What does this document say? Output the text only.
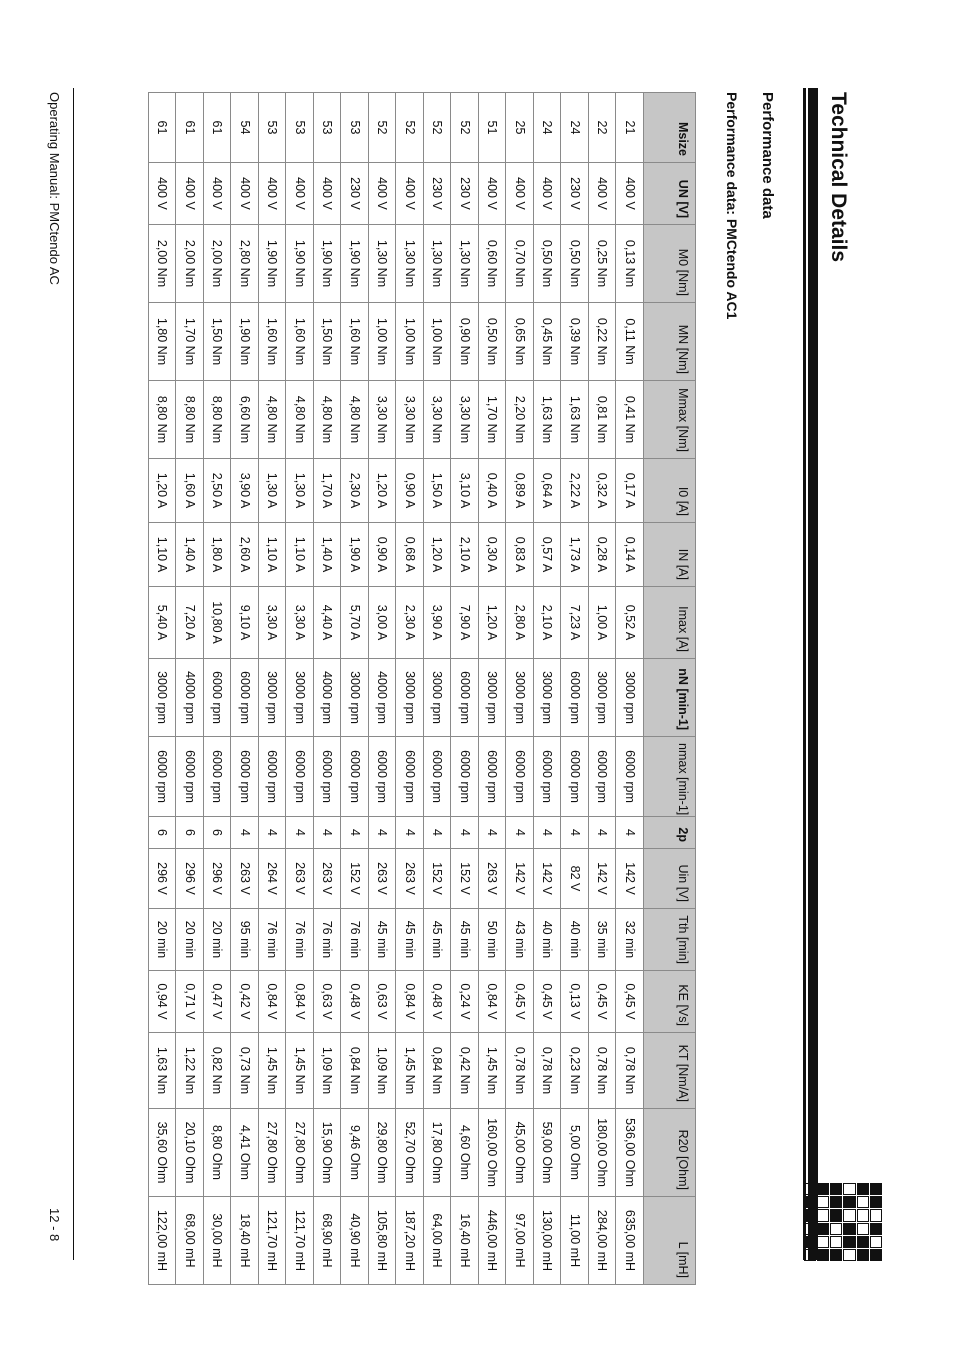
Technical Details
Performance data
Performance data: PMCtendo AC1
Msize	UN [V]	M0 [Nm]	MN [Nm]	Mmax [Nm]	I0 [A]	IN [A]	Imax [A]	nN [min-1]	nmax [min-1]	2p	Uin [V]	Tth [min]	KE [Vs]	KT [Nm/A]	R20 [Ohm]	L [mH]
21	400 V	0,13 Nm	0,11 Nm	0,41 Nm	0,17 A	0,14 A	0,52 A	3000 rpm	6000 rpm	4	142 V	32 min	0,45 V	0,78 Nm	536,00 Ohm	635,00 mH
22	400 V	0,25 Nm	0,22 Nm	0,81 Nm	0,32 A	0,28 A	1,00 A	3000 rpm	6000 rpm	4	142 V	35 min	0,45 V	0,78 Nm	180,00 Ohm	284,00 mH
24	230 V	0,50 Nm	0,39 Nm	1,63 Nm	2,22 A	1,73 A	7,23 A	6000 rpm	6000 rpm	4	82 V	40 min	0,13 V	0,23 Nm	5,00 Ohm	11,00 mH
24	400 V	0,50 Nm	0,45 Nm	1,63 Nm	0,64 A	0,57 A	2,10 A	3000 rpm	6000 rpm	4	142 V	40 min	0,45 V	0,78 Nm	59,00 Ohm	130,00 mH
25	400 V	0,70 Nm	0,65 Nm	2,20 Nm	0,89 A	0,83 A	2,80 A	3000 rpm	6000 rpm	4	142 V	43 min	0,45 V	0,78 Nm	45,00 Ohm	97,00 mH
51	400 V	0,60 Nm	0,50 Nm	1,70 Nm	0,40 A	0,30 A	1,20 A	3000 rpm	6000 rpm	4	263 V	50 min	0,84 V	1,45 Nm	160,00 Ohm	446,00 mH
52	230 V	1,30 Nm	0,90 Nm	3,30 Nm	3,10 A	2,10 A	7,90 A	6000 rpm	6000 rpm	4	152 V	45 min	0,24 V	0,42 Nm	4,60 Ohm	16,40 mH
52	230 V	1,30 Nm	1,00 Nm	3,30 Nm	1,50 A	1,20 A	3,90 A	3000 rpm	6000 rpm	4	152 V	45 min	0,48 V	0,84 Nm	17,80 Ohm	64,00 mH
52	400 V	1,30 Nm	1,00 Nm	3,30 Nm	0,90 A	0,68 A	2,30 A	3000 rpm	6000 rpm	4	263 V	45 min	0,84 V	1,45 Nm	52,70 Ohm	187,20 mH
52	400 V	1,30 Nm	1,00 Nm	3,30 Nm	1,20 A	0,90 A	3,00 A	4000 rpm	6000 rpm	4	263 V	45 min	0,63 V	1,09 Nm	29,80 Ohm	105,80 mH
53	230 V	1,90 Nm	1,60 Nm	4,80 Nm	2,30 A	1,90 A	5,70 A	3000 rpm	6000 rpm	4	152 V	76 min	0,48 V	0,84 Nm	9,46 Ohm	40,90 mH
53	400 V	1,90 Nm	1,50 Nm	4,80 Nm	1,70 A	1,40 A	4,40 A	4000 rpm	6000 rpm	4	263 V	76 min	0,63 V	1,09 Nm	15,90 Ohm	68,90 mH
53	400 V	1,90 Nm	1,60 Nm	4,80 Nm	1,30 A	1,10 A	3,30 A	3000 rpm	6000 rpm	4	263 V	76 min	0,84 V	1,45 Nm	27,80 Ohm	121,70 mH
53	400 V	1,90 Nm	1,60 Nm	4,80 Nm	1,30 A	1,10 A	3,30 A	3000 rpm	6000 rpm	4	264 V	76 min	0,84 V	1,45 Nm	27,80 Ohm	121,70 mH
54	400 V	2,80 Nm	1,90 Nm	6,60 Nm	3,90 A	2,60 A	9,10 A	6000 rpm	6000 rpm	4	263 V	95 min	0,42 V	0,73 Nm	4,41 Ohm	18,40 mH
61	400 V	2,00 Nm	1,50 Nm	8,80 Nm	2,50 A	1,80 A	10,80 A	6000 rpm	6000 rpm	6	296 V	20 min	0,47 V	0,82 Nm	8,80 Ohm	30,00 mH
61	400 V	2,00 Nm	1,70 Nm	8,80 Nm	1,60 A	1,40 A	7,20 A	4000 rpm	6000 rpm	6	296 V	20 min	0,71 V	1,22 Nm	20,10 Ohm	68,00 mH
61	400 V	2,00 Nm	1,80 Nm	8,80 Nm	1,20 A	1,10 A	5,40 A	3000 rpm	6000 rpm	6	296 V	20 min	0,94 V	1,63 Nm	35,60 Ohm	122,00 mH
Operating Manual: PMCtendo AC
12 - 8
